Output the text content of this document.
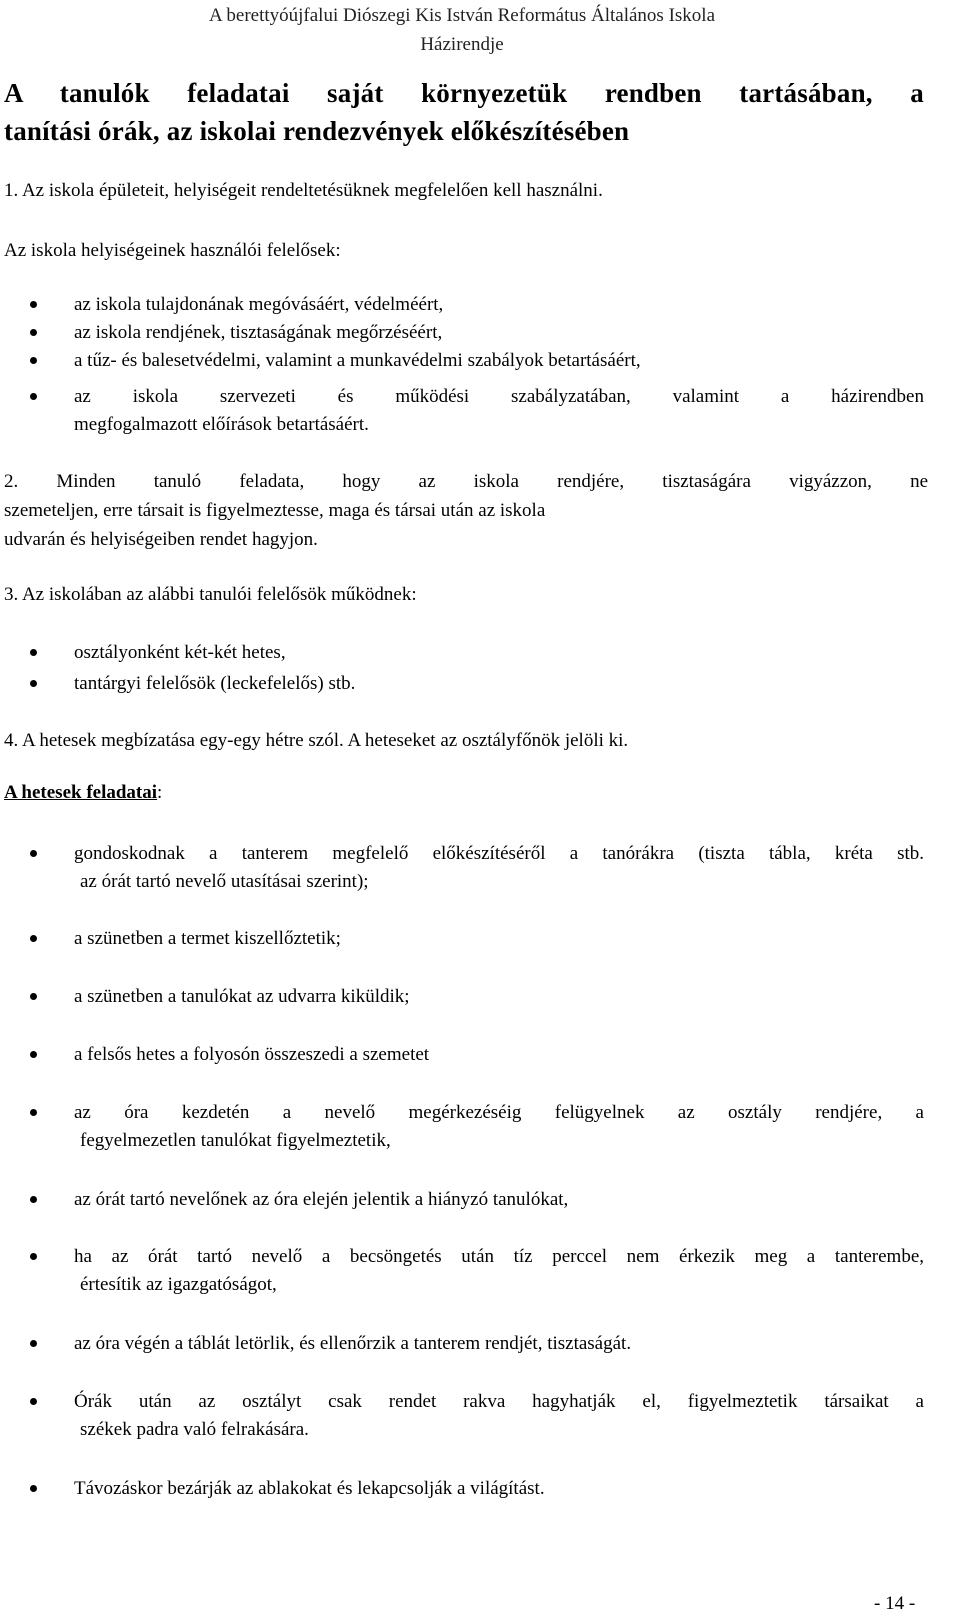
A berettyóújfalui Diószegi Kis István Református Általános Iskola
Házirendje
A tanulók feladatai saját környezetük rendben tartásában, a
tanítási órák, az iskolai rendezvények előkészítésében
1. Az iskola épületeit, helyiségeit rendeltetésüknek megfelelően kell használni.
Az iskola helyiségeinek használói felelősek:
az iskola tulajdonának megóvásáért, védelméért,
az iskola rendjének, tisztaságának megőrzéséért,
a tűz- és balesetvédelmi, valamint a munkavédelmi szabályok betartásáért,
az iskola szervezeti és működési szabályzatában, valamint a házirendben
megfogalmazott előírások betartásáért.
2. Minden tanuló feladata, hogy az iskola rendjére, tisztaságára vigyázzon, ne
szemeteljen, erre társait is figyelmeztesse, maga és társai után az iskola
udvarán és helyiségeiben rendet hagyjon.
3. Az iskolában az alábbi tanulói felelősök működnek:
osztályonként két-két hetes,
tantárgyi felelősök (leckefelelős) stb.
4. A hetesek megbízatása egy-egy hétre szól. A heteseket az osztályfőnök jelöli ki.
A hetesek feladatai:
gondoskodnak a tanterem megfelelő előkészítéséről a tanórákra (tiszta tábla, kréta stb.
az órát tartó nevelő utasításai szerint);
a szünetben a termet kiszellőztetik;
a szünetben a tanulókat az udvarra kiküldik;
a felsős hetes a folyosón összeszedi a szemetet
az óra kezdetén a nevelő megérkezéséig felügyelnek az osztály rendjére, a
fegyelmezetlen tanulókat figyelmeztetik,
az órát tartó nevelőnek az óra elején jelentik a hiányzó tanulókat,
ha az órát tartó nevelő a becsöngetés után tíz perccel nem érkezik meg a tanterembe,
értesítik az igazgatóságot,
az óra végén a táblát letörlik, és ellenőrzik a tanterem rendjét, tisztaságát.
Órák után az osztályt csak rendet rakva hagyhatják el, figyelmeztetik társaikat a
székek padra való felrakására.
Távozáskor bezárják az ablakokat és lekapcsolják a világítást.
- 14 -
